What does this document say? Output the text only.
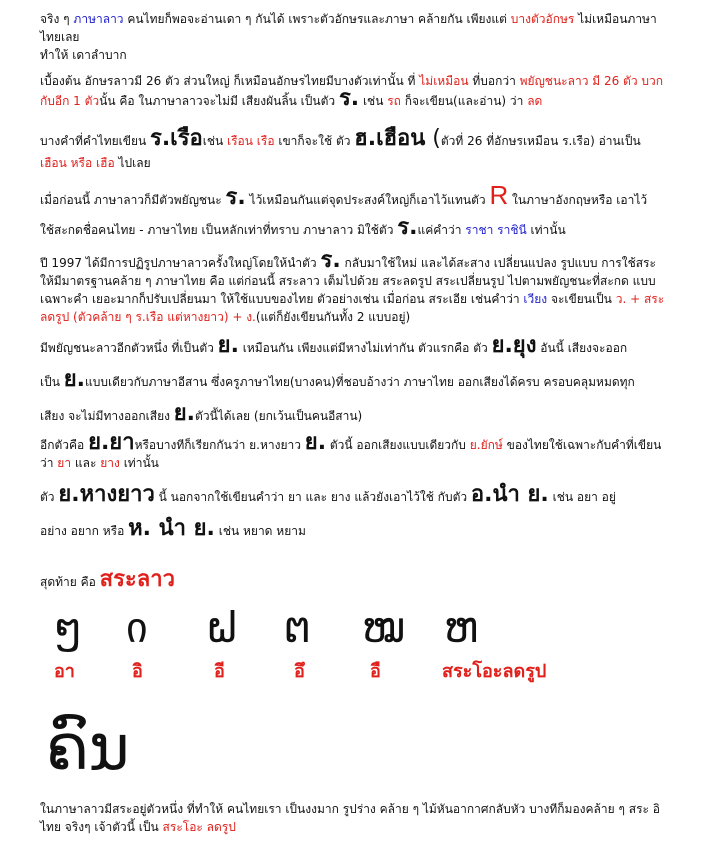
จริง ๆ ภาษาลาว คนไทยก็พอจะอ่านเดา ๆ กันได้ เพราะตัวอักษรและภาษา คล้ายกัน เพียงแต่ บางตัวอักษร ไม่เหมือนภาษาไทยเลย
ทำให้ เดาลำบาก

เบื้องต้น อักษรลาวมี 26 ตัว ส่วนใหญ่ ก็เหมือนอักษรไทยมีบางตัวเท่านั้น ที่ ไม่เหมือน ที่บอกว่า พยัญชนะลาว มี 26 ตัว บวกกับอีก 1 ตัวนั้น คือ ในภาษาลาวจะไม่มี เสียงผันลิ้น เป็นตัว ร. เช่น รถ ก็จะเขียน(และอ่าน) ว่า ลด

บางคำที่คำไทยเขียน ร.เรือเช่น เรือน เรือ เขาก็จะใช้ ตัว ฮ.เฮือน (ตัวที่ 26 ที่อักษรเหมือน ร.เรือ) อ่านเป็น เฮือน หรือ เฮือ ไปเลย

เมื่อก่อนนี้ ภาษาลาวก็มีตัวพยัญชนะ ร. ไว้เหมือนกันแต่จุดประสงค์ใหญ่ก็เอาไว้แทนตัว R ในภาษาอังกฤษหรือ เอาไว้

ใช้สะกดชื่อคนไทย - ภาษาไทย เป็นหลักเท่าที่ทราบ ภาษาลาว มิใช้ตัว ร.แค่คำว่า ราชา ราชินี เท่านั้น

ปี 1997 ได้มีการปฏิรูปภาษาลาวครั้งใหญ่โดยให้นำตัว ร. กลับมาใช้ใหม่ และได้สะสาง เปลี่ยนแปลง รูปแบบ การใช้สระ ให้มีมาตรฐานคล้าย ๆ ภาษาไทย คือ แต่ก่อนนี้ สระลาว เต็มไปด้วย สระลดรูป สระเปลี่ยนรูป ไปตามพยัญชนะที่สะกด แบบเฉพาะคำ เยอะมากก็ปรับเปลี่ยนมา ให้ใช้แบบของไทย ตัวอย่างเช่น เมื่อก่อน สระเอีย เช่นคำว่า เวียง จะเขียนเป็น ว. + สระลดรูป (ตัวคล้าย ๆ ร.เรือ แต่หางยาว) + ง.(แต่ก็ยังเขียนกันทั้ง 2 แบบอยู่)

มีพยัญชนะลาวอีกตัวหนึ่ง ที่เป็นตัว ย. เหมือนกัน เพียงแต่มีหางไม่เท่ากัน ตัวแรกคือ ตัว ย.ยุง อันนี้ เสียงจะออก

เป็น ย.แบบเดียวกับภาษาอีสาน ซึ่งครูภาษาไทย(บางคน)ที่ชอบอ้างว่า ภาษาไทย ออกเสียงได้ครบ ครอบคลุมหมดทุก

เสียง จะไม่มีทางออกเสียง ย.ตัวนี้ได้เลย (ยกเว้นเป็นคนอีสาน)

อีกตัวคือ ย.ยาหรือบางทีก็เรียกกันว่า ย.หางยาว ย. ตัวนี้ ออกเสียงแบบเดียวกับ ย.ยักษ์ ของไทยใช้เฉพาะกับคำที่เขียนว่า ยา และ ยาง เท่านั้น

ตัว ย.หางยาว นี้ นอกจากใช้เขียนคำว่า ยา และ ยาง แล้วยังเอาไว้ใช้ กับตัว อ.นำ ย. เช่น อยา อยู่

อย่าง อยาก หรือ ห. นำ ย. เช่น หยาด หยาม

สุดท้าย คือ สระลาว

ໆ
อา
ი
อิ
ຝ
อี
ຕ
อึ
ໝ
อื
ຫ
สระโอะลดรูป
ຄົນ

ในภาษาลาวมีสระอยู่ตัวหนึ่ง ที่ทำให้ คนไทยเรา เป็นงงมาก รูปร่าง คล้าย ๆ ไม้หันอากาศกลับหัว บางทีก็มองคล้าย ๆ สระ อิ ไทย จริงๆ เจ้าตัวนี้ เป็น สระโอะ ลดรูป
